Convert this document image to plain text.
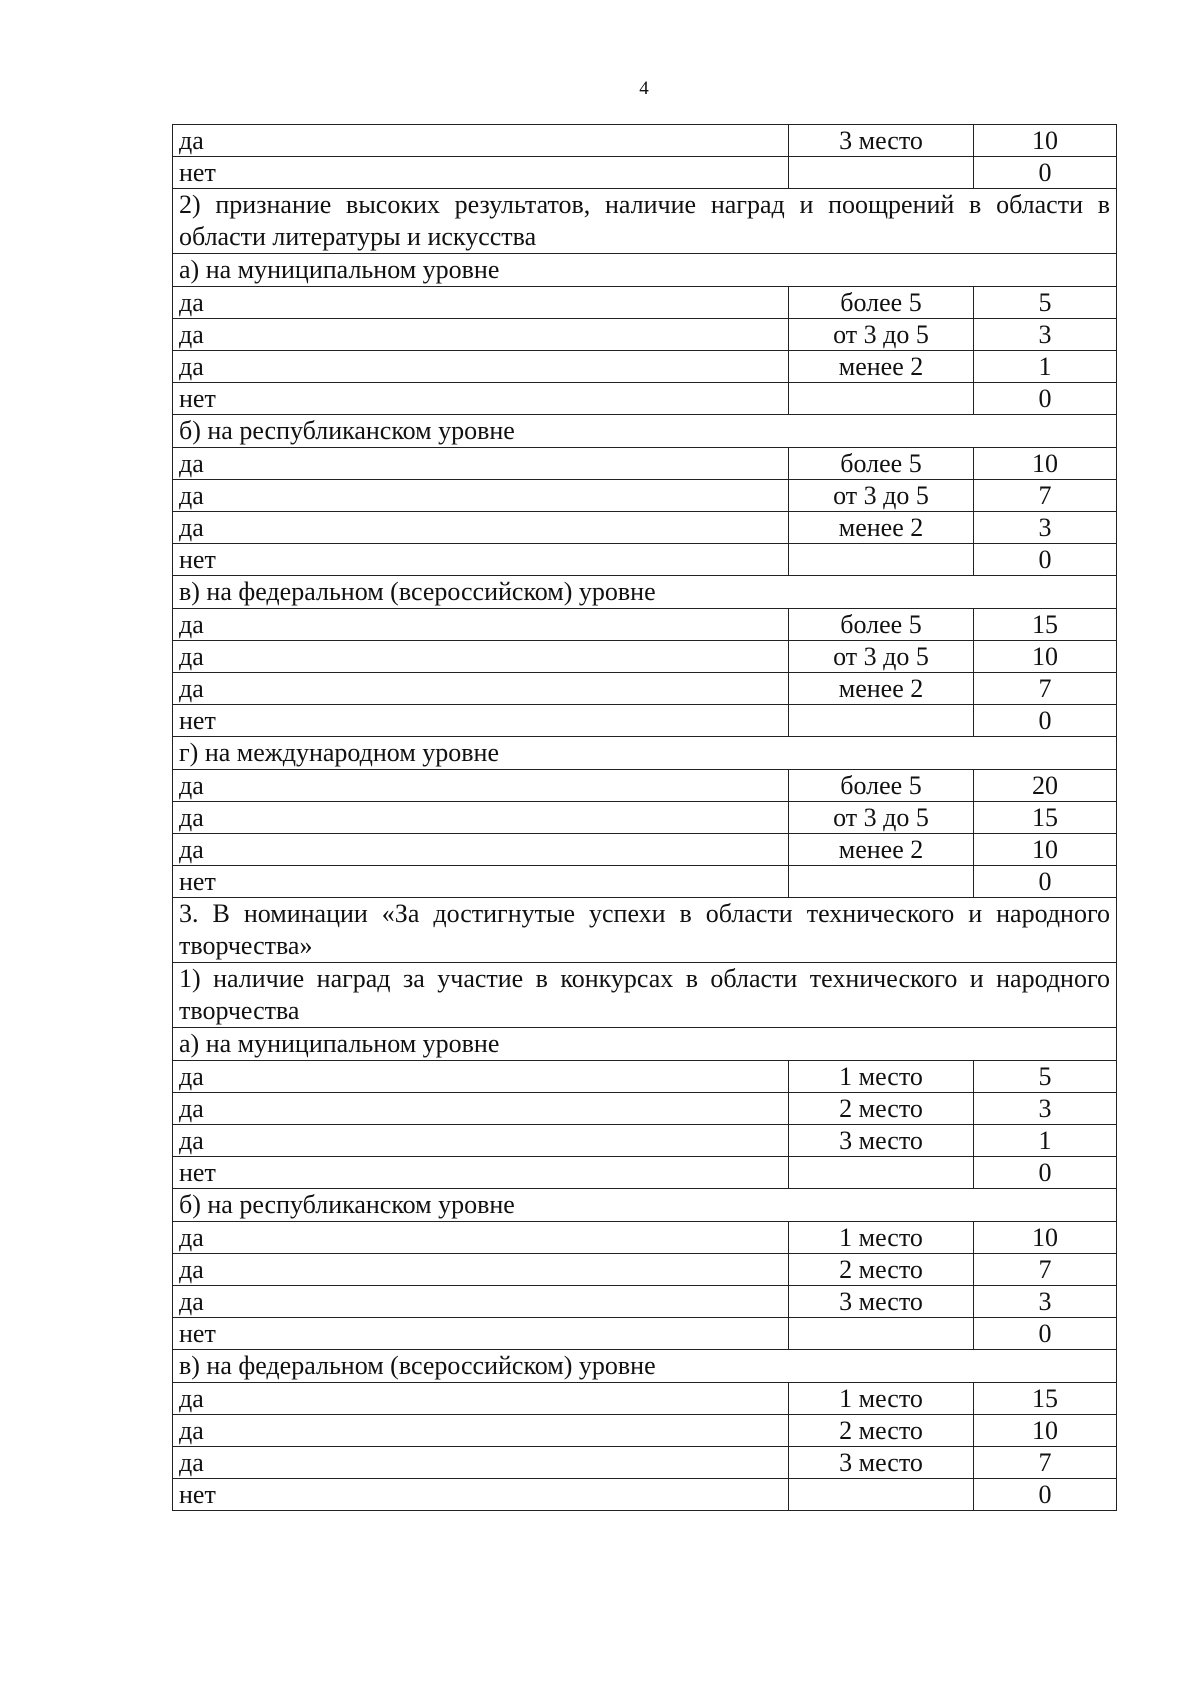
4
да	3 место	10
нет		0
2) признание высоких результатов, наличие наград и поощрений в области в области литературы и искусства		
а) на муниципальном уровне		
да	более 5	5
да	от 3 до 5	3
да	менее 2	1
нет		0
б) на республиканском уровне		
да	более 5	10
да	от 3 до 5	7
да	менее 2	3
нет		0
в) на федеральном (всероссийском) уровне		
да	более 5	15
да	от 3 до 5	10
да	менее 2	7
нет		0
г) на международном уровне		
да	более 5	20
да	от 3 до 5	15
да	менее 2	10
нет		0
3. В номинации «За достигнутые успехи в области технического и народного творчества»		
1) наличие наград за участие в конкурсах в области технического и народного творчества		
а) на муниципальном уровне		
да	1 место	5
да	2 место	3
да	3 место	1
нет		0
б) на республиканском уровне		
да	1 место	10
да	2 место	7
да	3 место	3
нет		0
в) на федеральном (всероссийском) уровне		
да	1 место	15
да	2 место	10
да	3 место	7
нет		0
